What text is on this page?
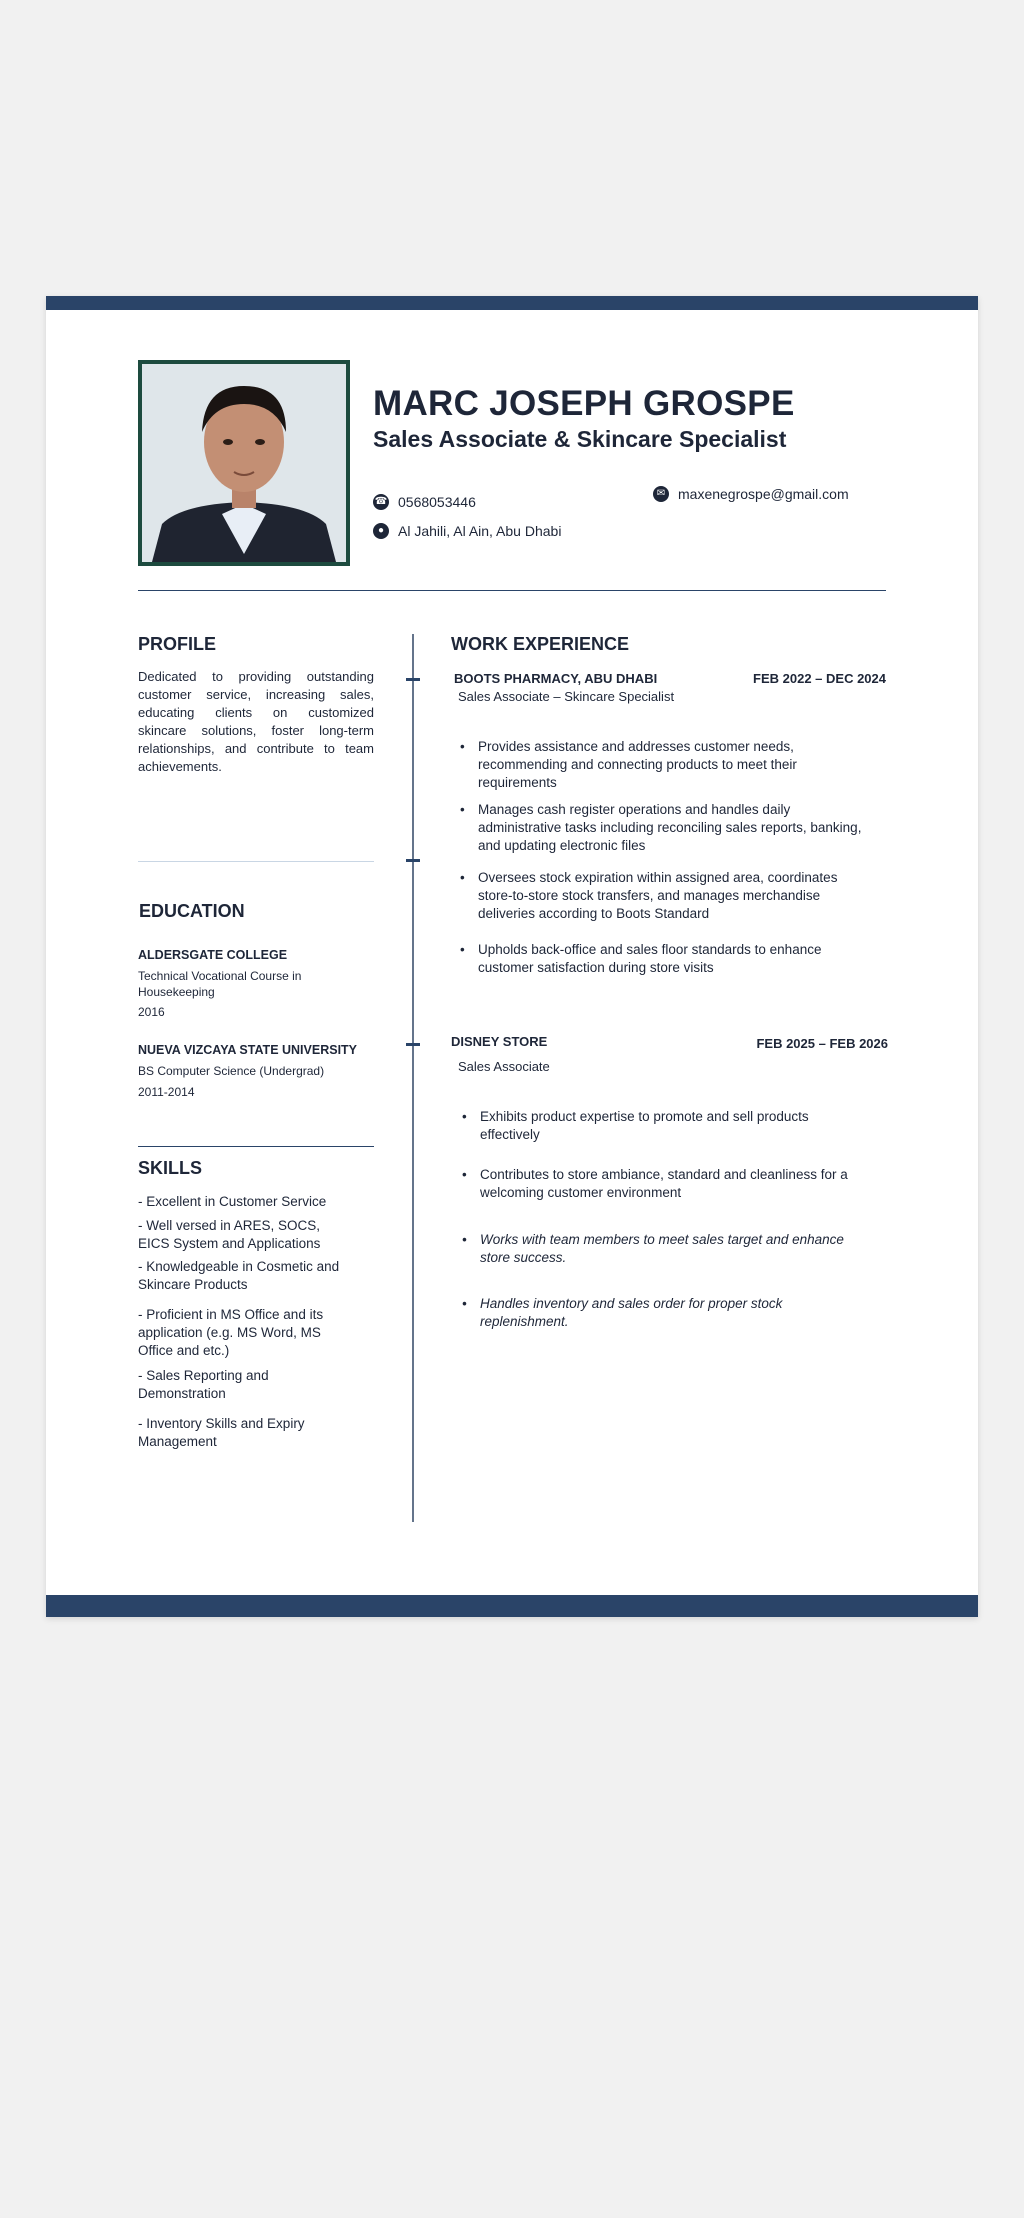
MARC JOSEPH GROSPE
Sales Associate & Skincare Specialist
☎ 0568053446
● Al Jahili, Al Ain, Abu Dhabi
✉ maxenegrospe@gmail.com
PROFILE

Dedicated to providing outstanding customer service, increasing sales, educating clients on customized skincare solutions, foster long-term relationships, and contribute to team achievements.

EDUCATION

ALDERSGATE COLLEGE

Technical Vocational Course in Housekeeping

2016

NUEVA VIZCAYA STATE UNIVERSITY

BS Computer Science (Undergrad)

2011-2014

SKILLS

- Excellent in Customer Service

- Well versed in ARES, SOCS, EICS System and Applications

- Knowledgeable in Cosmetic and Skincare Products

- Proficient in MS Office and its application (e.g. MS Word, MS Office and etc.)

- Sales Reporting and Demonstration

- Inventory Skills and Expiry Management

WORK EXPERIENCE

BOOTS PHARMACY, ABU DHABI	FEB 2022 – DEC 2024

Sales Associate – Skincare Specialist

• Provides assistance and addresses customer needs, recommending and connecting products to meet their requirements

• Manages cash register operations and handles daily administrative tasks including reconciling sales reports, banking, and updating electronic files

• Oversees stock expiration within assigned area, coordinates store-to-store stock transfers, and manages merchandise deliveries according to Boots Standard

• Upholds back-office and sales floor standards to enhance customer satisfaction during store visits

DISNEY STORE	FEB 2025 – FEB 2026

Sales Associate

• Exhibits product expertise to promote and sell products effectively

• Contributes to store ambiance, standard and cleanliness for a welcoming customer environment

• Works with team members to meet sales target and enhance store success.

• Handles inventory and sales order for proper stock replenishment.
